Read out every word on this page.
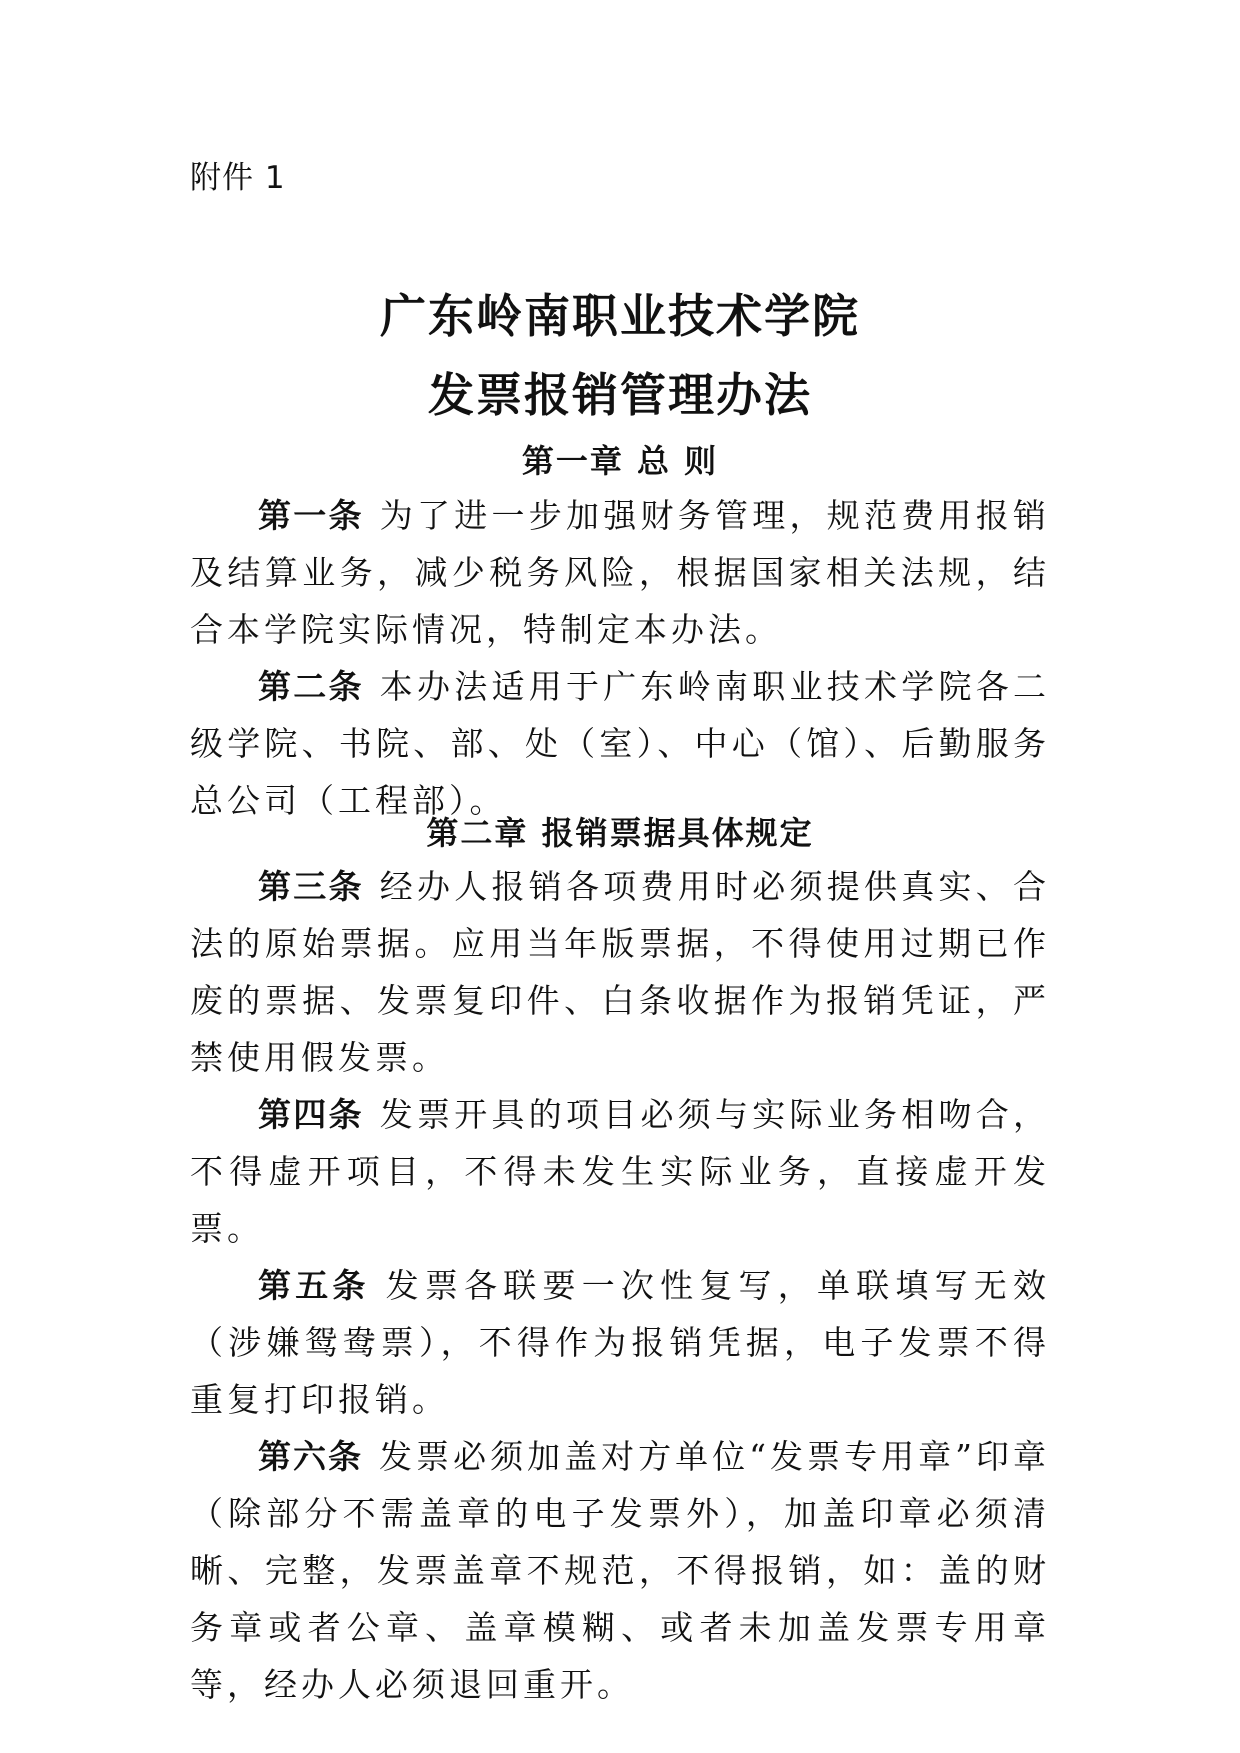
附件 1
广东岭南职业技术学院
发票报销管理办法
第一章 总 则

第一条 为了进一步加强财务管理，规范费用报销及结算业务，减少税务风险，根据国家相关法规，结合本学院实际情况，特制定本办法。

第二条 本办法适用于广东岭南职业技术学院各二级学院、书院、部、处（室）、中心（馆）、后勤服务总公司（工程部）。

第二章 报销票据具体规定

第三条 经办人报销各项费用时必须提供真实、合法的原始票据。应用当年版票据，不得使用过期已作废的票据、发票复印件、白条收据作为报销凭证，严禁使用假发票。

第四条 发票开具的项目必须与实际业务相吻合，不得虚开项目，不得未发生实际业务，直接虚开发票。

第五条 发票各联要一次性复写，单联填写无效（涉嫌鸳鸯票），不得作为报销凭据，电子发票不得重复打印报销。

第六条 发票必须加盖对方单位“发票专用章”印章（除部分不需盖章的电子发票外），加盖印章必须清晰、完整，发票盖章不规范，不得报销，如：盖的财务章或者公章、盖章模糊、或者未加盖发票专用章等，经办人必须退回重开。
